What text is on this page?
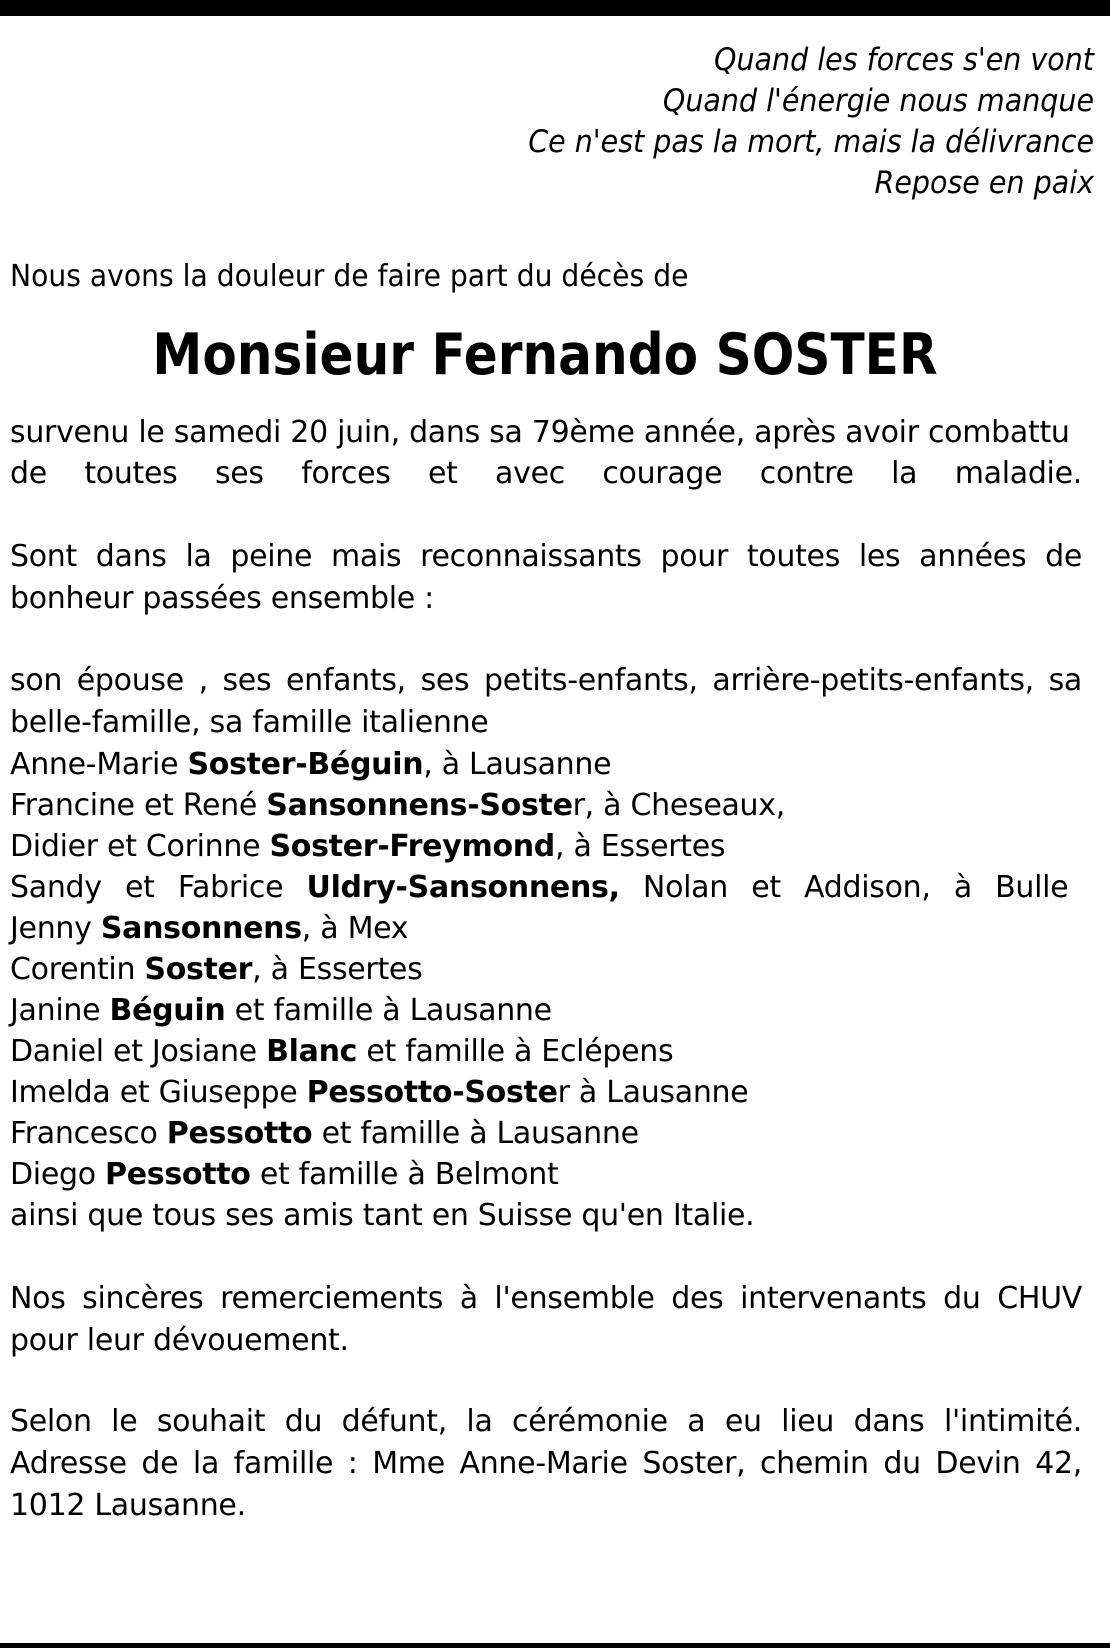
Quand les forces s'en vont
Quand l'énergie nous manque
Ce n'est pas la mort, mais la délivrance
Repose en paix
Nous avons la douleur de faire part du décès de
Monsieur Fernando SOSTER
survenu le samedi 20 juin, dans sa 79ème année, après avoir combattu
de toutes ses forces et avec courage contre la maladie.
Sont dans la peine mais reconnaissants pour toutes les années de bonheur passées ensemble :
son épouse , ses enfants, ses petits-enfants, arrière-petits-enfants, sa belle-famille, sa famille italienne
Anne-Marie Soster-Béguin, à Lausanne
Francine et René Sansonnens-Soster, à Cheseaux,
Didier et Corinne Soster-Freymond, à Essertes
Sandy et Fabrice Uldry-Sansonnens, Nolan et Addison, à Bulle
Jenny Sansonnens, à Mex
Corentin Soster, à Essertes
Janine Béguin et famille à Lausanne
Daniel et Josiane Blanc et famille à Eclépens
Imelda et Giuseppe Pessotto-Soster à Lausanne
Francesco Pessotto et famille à Lausanne
Diego Pessotto et famille à Belmont
ainsi que tous ses amis tant en Suisse qu'en Italie.
Nos sincères remerciements à l'ensemble des intervenants du CHUV pour leur dévouement.
Selon le souhait du défunt, la cérémonie a eu lieu dans l'intimité. Adresse de la famille : Mme Anne-Marie Soster, chemin du Devin 42, 1012 Lausanne.
